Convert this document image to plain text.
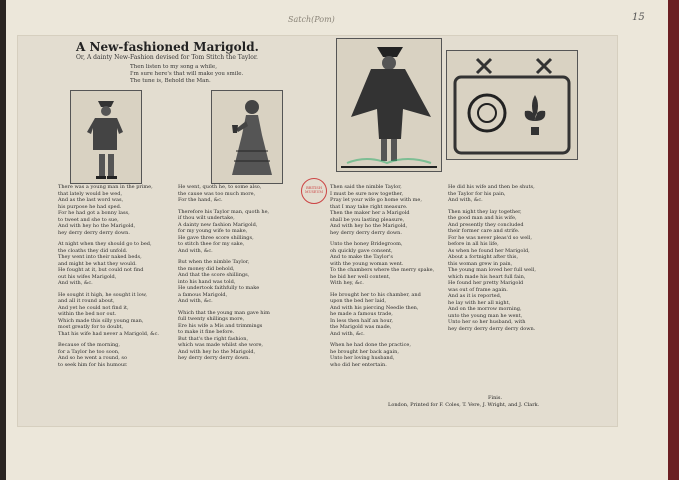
15
Satch(Pom)
A New-fashioned Marigold.
Or, A dainty New-Fashion devised for Tom Stitch the Taylor.
Then listen to my song a while,
I'm sure here's that will make you smile.
The tune is, Behold the Man.

There was a young man in the prime,

that lately would be wed,

And as the last word was,

his purpose he had sped.

For he had got a bonny lass,

to tweet and she to sue,

And with hey ho the Marigold,

hey derry derry derry down.

At night when they should go to bed,

the cloaths they did unfold.

They went into their naked beds,

and might be what they would.

He fought at it, but could not find

out his wifes Marigold,

And with, &c.

He sought it high, he sought it low,

and all it round about,

And yet he could not find it,

within the bed nor out.

Which made this silly young man,

most greatly for to doubt,

That his wife had never a Marigold, &c.

Because of the morning,

for a Taylor he too soon,

And so he went a round, so

to seek him for his humour.

He went, quoth he, to some also,

the cause was too much more,

For the hand, &c.

Therefore his Taylor man, quoth he,

if thou wilt undertake,

A dainty new fashion Marigold,

for my young wife to make,

He gave three score shillings,

to stitch thee for my sake,

And with, &c.

But when the nimble Taylor,

the money did behold,

And that the score shillings,

into his hand was told,

He undertook faithfully to make

a famous Marigold,

And with, &c.

Which that the young man gave him

full twenty shillings more,

Ere his wife a Mis and trimmings

to make it fine before.

But that's the right fashion,

which was made whilst she wore,

And with hey ho the Marigold,

hey derry derry derry down.

Then said the nimble Taylor,

I must be sure now together,

Pray let your wife go home with me,

that I may take right measure.

Then the maker her a Marigold

shall be you lasting pleasure,

And with hey ho the Marigold,

hey derry derry derry down.

Unto the honey Bridegroom,

oh quickly gave consent,

And to make the Taylor's

with the young woman went.

To the chambers where the merry spake,

he bid her well content,

With hey, &c.

He brought her to his chamber, and

upon the bed her laid,

And with his piercing Needle then,

he made a famous trade,

In less then half an hour,

the Marigold was made,

And with, &c.

When he had done the practice,

he brought her back again,

Unto her loving husband,

who did her entertain.

He did his wife and then be shuts,

the Taylor for his pain,

And with, &c.

Then night they lay together,

the good man and his wife,

And presently they concluded

their former care and strife.

For he was never pleas'd so well,

before in all his life,

As when he found her Marigold,

About a fortnight after this,

this woman grew in pain,

The young man loved her full well,

which made his heart full fain,

He found her pretty Marigold

was out of frame again.

And as it is reported,

he lay with her all night,

And on the morrow morning,

unto the young man he went,

Unto her so her husband, with

hey derry derry derry derry down.

BRITISH MUSEUM
Finis.
London, Printed for F. Coles, T. Vere, J. Wright, and J. Clark.
